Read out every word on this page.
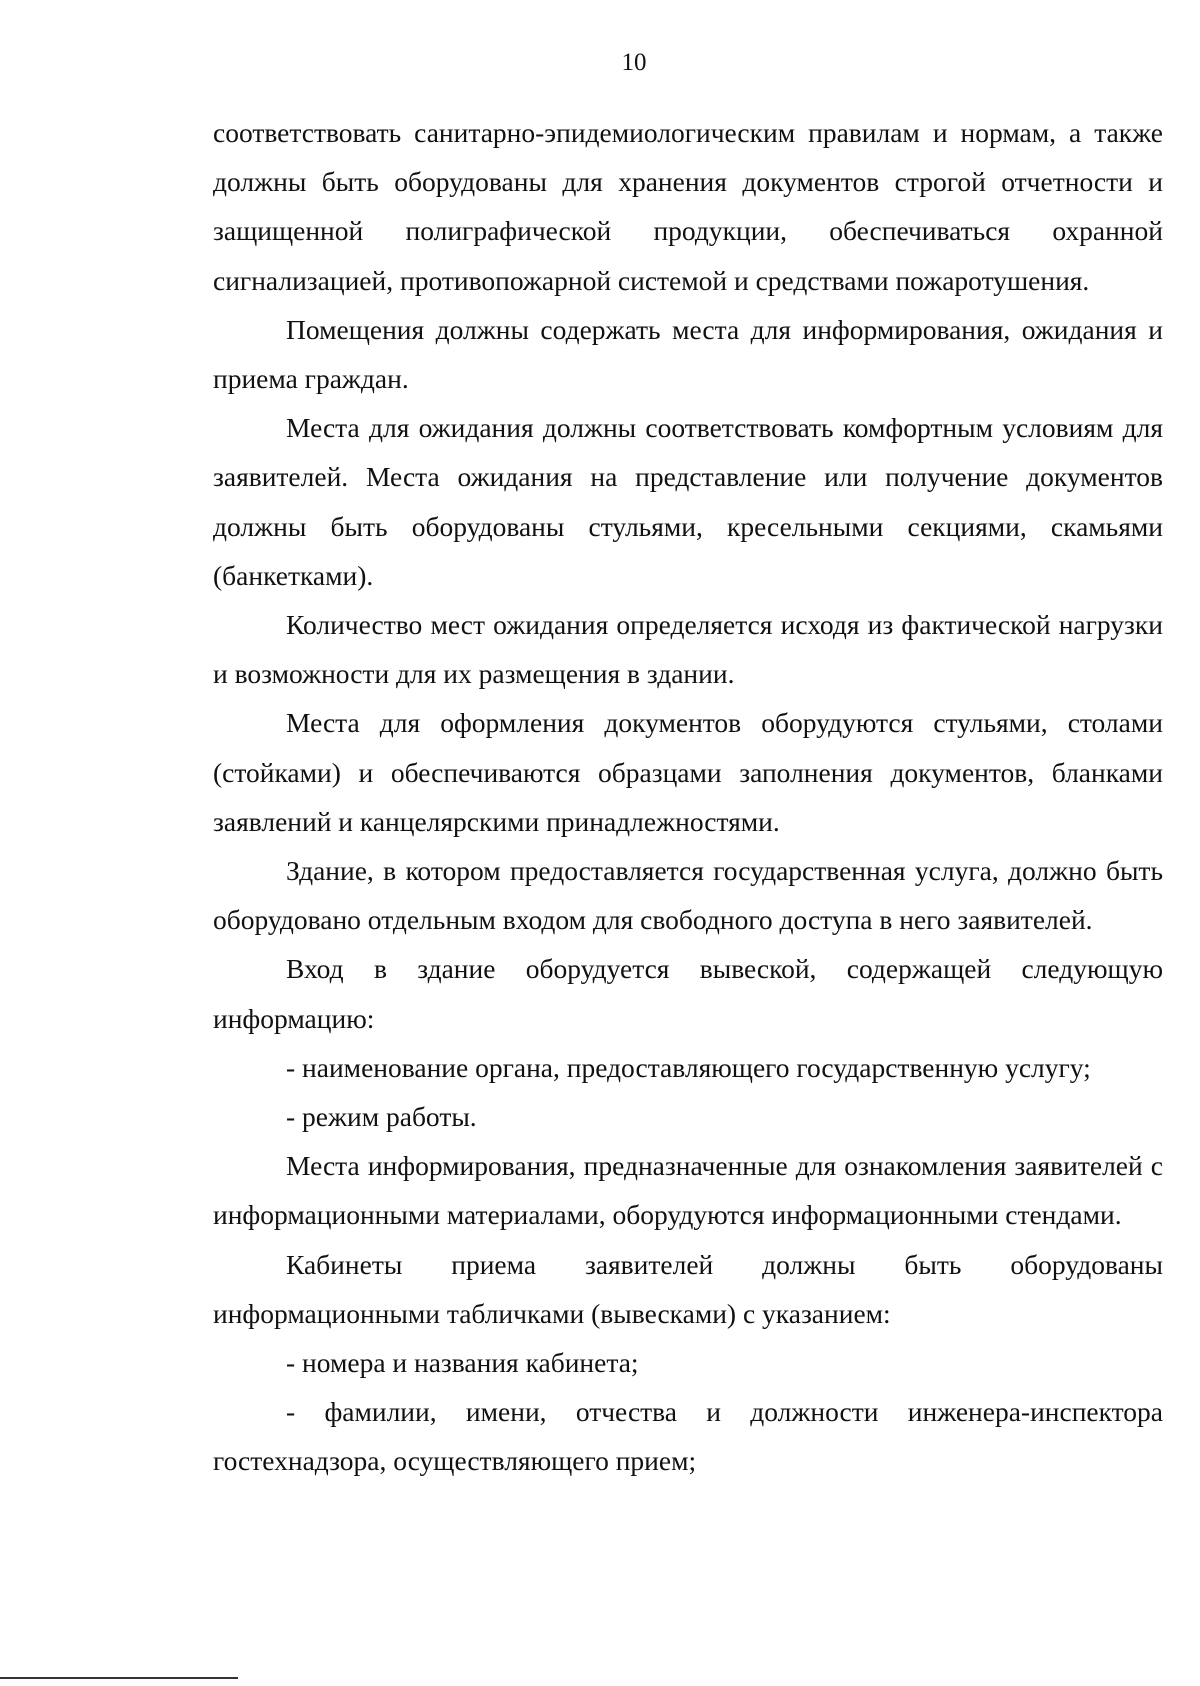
10

соответствовать санитарно-эпидемиологическим правилам и нормам, а также должны быть оборудованы для хранения документов строгой отчетности и защищенной полиграфической продукции, обеспечиваться охранной сигнализацией, противопожарной системой и средствами пожаротушения.

Помещения должны содержать места для информирования, ожидания и приема граждан.

Места для ожидания должны соответствовать комфортным условиям для заявителей. Места ожидания на представление или получение документов должны быть оборудованы стульями, кресельными секциями, скамьями (банкетками).

Количество мест ожидания определяется исходя из фактической нагрузки и возможности для их размещения в здании.

Места для оформления документов оборудуются стульями, столами (стойками) и обеспечиваются образцами заполнения документов, бланками заявлений и канцелярскими принадлежностями.

Здание, в котором предоставляется государственная услуга, должно быть оборудовано отдельным входом для свободного доступа в него заявителей.

Вход в здание оборудуется вывеской, содержащей следующую информацию:

- наименование органа, предоставляющего государственную услугу;

- режим работы.

Места информирования, предназначенные для ознакомления заявителей с информационными материалами, оборудуются информационными стендами.

Кабинеты приема заявителей должны быть оборудованы информационными табличками (вывесками) с указанием:

- номера и названия кабинета;

- фамилии, имени, отчества и должности инженера-инспектора гостехнадзора, осуществляющего прием;
